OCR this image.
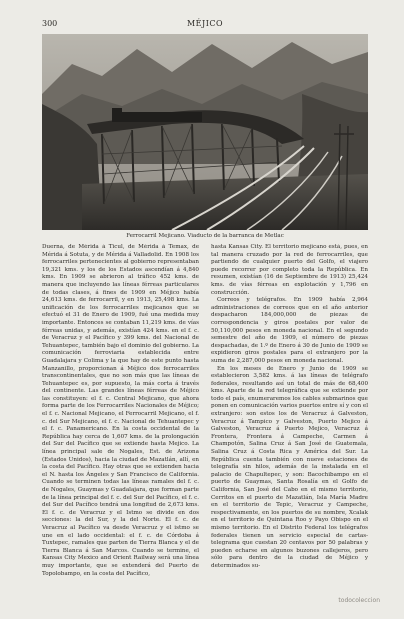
300	MÉJICO
Ferrocarril Mejicano. Viaducto de la barranca de Metlac

Duerna, de Mérida á Ticul, de Mérida á Temax, de Mérida á Sotuta, y de Mérida á Valladolid. En 1908 los ferrocarriles pertenecientes al gobierno representaban 19,321 kms. y los de los Estados ascendían á 4,840 kms. En 1909 se abrieron al tráfico 452 kms. de manera que incluyendo las líneas férreas particulares de todas clases, á fines de 1909 en Méjico había 24,613 kms. de ferrocarril, y en 1913, 25,498 kms. La unificación de los ferrocarriles mejicanos que se efectuó el 31 de Enero de 1909, fué una medida muy importante. Entonces se contaban 11,219 kms. de vías férreas unidas, y además, existían 424 kms. en el f. c. de Veracruz y el Pacífico y 399 kms. del Nacional de Tehuantepec, también bajo el dominio del gobierno. La comunicación ferroviaria establecida entre Guadalajara y Colima y la que hay de este punto hasta Manzanillo, proporcionan á Méjico dos ferrocarriles transcontinentales, que no son más que las líneas de Tehuantepec es, por supuesto, la más corta á través del continente. Las grandes líneas férreas de Méjico las constituyen: el f. c. Central Mejicano, que ahora forma parte de los Ferrocarriles Nacionales de Méjico; el f. c. Nacional Mejicano, el Ferrocarril Mejicano, el f. c. del Sur Mejicano, el f. c. Nacional de Tehuantepec y el f. c. Panamericano. En la costa occidental de la República hay cerca de 1,607 kms. de la prolongación del Sur del Pacífico que se extiende hasta Mejico. La línea principal sale de Nogales, Est. de Arizona (Estados Unidos), hacia la ciudad de Mazatlán, allí, en la costa del Pacífico. Hay otras que se extienden hacia el N. hasta los Ángeles y San Francisco de California. Cuando se terminen todas las líneas ramales del f. c. de Nogales, Guaymas y Guadalajara, que forman parte de la línea principal del f. c. del Sur del Pacífico, el f. c. del Sur del Pacífico tendrá una longitud de 2,673 kms. El f. c. de Veracruz y el Istmo se divide en dos secciones: la del Sur, y la del Norte. El f. c. de Veracruz al Pacífico va desde Veracruz y el istmo se une en el lado occidental: el f. c. de Córdoba á Tuxtepec, ramales que parten de Tierra Blanca y el de Tierra Blanca á San Marcos. Cuando se termine, el Kansas City Mexico and Orient Railway será una línea muy importante, que se extenderá del Puerto de Topolobampo, en la costa del Pacífico,

hasta Kansas City. El territorio mejicano está, pues, en tal manera cruzado por la red de ferrocarriles, que partiendo de cualquier puerto del Golfo, el viajero puede recorrer por completo toda la República. En resumen, existían (16 de Septiembre de 1913) 25,424 kms. de vías férreas en explotación y 1,796 en construcción.

Correos y telégrafos. En 1909 había 2,964 administraciones de correos que en el año anterior despacharon 184,000,000 de piezas de correspondencia y giros postales por valor de 50,110,000 pesos en moneda nacional. En el segundo semestre del año de 1909, el número de piezas despachadas, de 1.º de Enero á 30 de Junio de 1909 se expidieron giros postales para el extranjero por la suma de 2,287,000 pesos en moneda nacional.

En los meses de Enero y Junio de 1909 se establecieron 3,582 kms. á las líneas de telégrafo federales, resultando así un total de más de 68,400 kms. Aparte de la red telegráfica que se extiende por todo el país, enumeraremos los cables submarinos que ponen en comunicación varios puertos entre sí y con el extranjero: son estos los de Veracruz á Galveston, Veracruz á Tampico y Galveston, Puerto Mejico á Galveston, Veracruz á Puerto Mejico, Veracruz á Frontera, Frontera á Campeche, Carmen á Champotón, Salina Cruz á San José de Guatemala, Salina Cruz á Costa Rica y América del Sur. La República cuenta también con nueve estaciones de telegrafía sin hilos, además de la instalada en el palacio de Chapultepec, y son: Bacochibampo en el puerto de Guaymas, Santa Rosalía en el Golfo de California, San José del Cabo en el mismo territorio, Cerritos en el puerto de Mazatlán, Isla María Madre en el territorio de Tepic, Veracruz y Campeche, respectivamente, en los puertos de su nombre, Xcalak en el territorio de Quintana Roo y Payo Obispo en el mismo territorio. En el Distrito Federal los telégrafos federales tienen un servicio especial de cartas-telegrama que cuestan 20 centavos por 50 palabras y pueden echarse en algunos buzones callejeros, pero sólo para dentro de la ciudad de Méjico y determinados su-

todocoleccion
